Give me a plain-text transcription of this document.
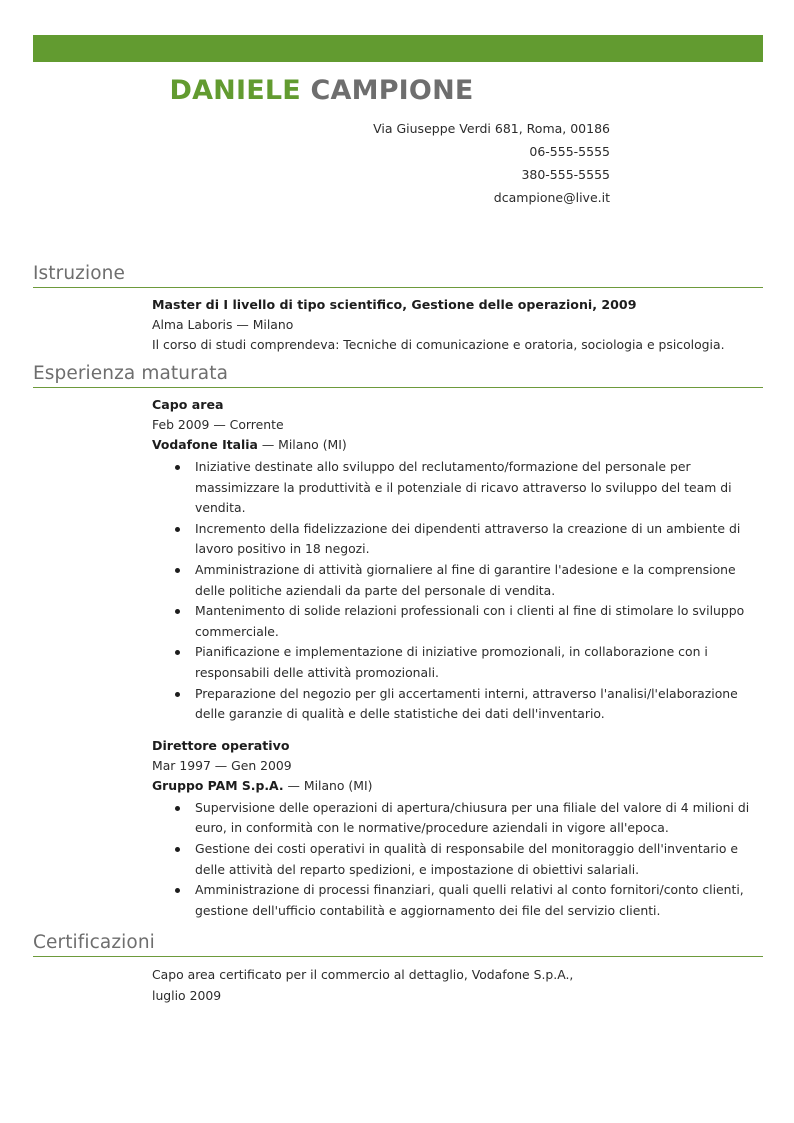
DANIELE CAMPIONE
Via Giuseppe Verdi 681, Roma, 00186
06-555-5555
380-555-5555
dcampione@live.it
Istruzione

Master di I livello di tipo scientifico, Gestione delle operazioni, 2009

Alma Laboris — Milano

Il corso di studi comprendeva: Tecniche di comunicazione e oratoria, sociologia e psicologia.

Esperienza maturata

Capo area

Feb 2009 — Corrente

Vodafone Italia — Milano (MI)

Iniziative destinate allo sviluppo del reclutamento/formazione del personale per massimizzare la produttività e il potenziale di ricavo attraverso lo sviluppo del team di vendita.
Incremento della fidelizzazione dei dipendenti attraverso la creazione di un ambiente di lavoro positivo in 18 negozi.
Amministrazione di attività giornaliere al fine di garantire l'adesione e la comprensione delle politiche aziendali da parte del personale di vendita.
Mantenimento di solide relazioni professionali con i clienti al fine di stimolare lo sviluppo commerciale.
Pianificazione e implementazione di iniziative promozionali, in collaborazione con i responsabili delle attività promozionali.
Preparazione del negozio per gli accertamenti interni, attraverso l'analisi/l'elaborazione delle garanzie di qualità e delle statistiche dei dati dell'inventario.

Direttore operativo

Mar 1997 — Gen 2009

Gruppo PAM S.p.A. — Milano (MI)

Supervisione delle operazioni di apertura/chiusura per una filiale del valore di 4 milioni di euro, in conformità con le normative/procedure aziendali in vigore all'epoca.
Gestione dei costi operativi in qualità di responsabile del monitoraggio dell'inventario e delle attività del reparto spedizioni, e impostazione di obiettivi salariali.
Amministrazione di processi finanziari, quali quelli relativi al conto fornitori/conto clienti, gestione dell'ufficio contabilità e aggiornamento dei file del servizio clienti.
Certificazioni

Capo area certificato per il commercio al dettaglio, Vodafone S.p.A.,

luglio 2009
